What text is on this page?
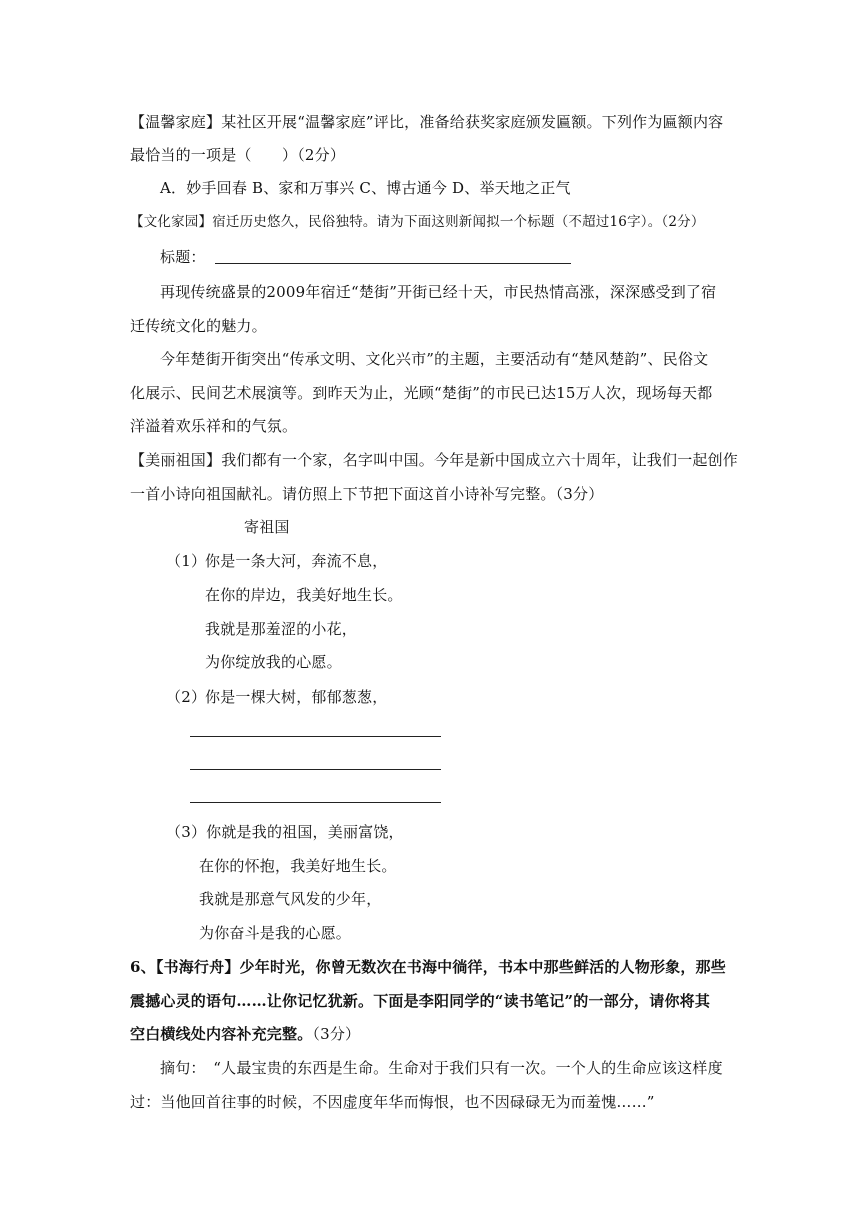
【温馨家庭】某社区开展“温馨家庭”评比，准备给获奖家庭颁发匾额。下列作为匾额内容
最恰当的一项是（　　）（2分）
A．妙手回春 B、家和万事兴 C、博古通今 D、举天地之正气
【文化家园】宿迁历史悠久，民俗独特。请为下面这则新闻拟一个标题（不超过16字）。（2分）
标题：
再现传统盛景的2009年宿迁“楚街”开街已经十天，市民热情高涨，深深感受到了宿
迁传统文化的魅力。
今年楚街开街突出“传承文明、文化兴市”的主题，主要活动有“楚风楚韵”、民俗文
化展示、民间艺术展演等。到昨天为止，光顾“楚街”的市民已达15万人次，现场每天都
洋溢着欢乐祥和的气氛。
【美丽祖国】我们都有一个家，名字叫中国。今年是新中国成立六十周年，让我们一起创作
一首小诗向祖国献礼。请仿照上下节把下面这首小诗补写完整。（3分）
寄祖国
（1）
你是一条大河，奔流不息，
在你的岸边，我美好地生长。
我就是那羞涩的小花，
为你绽放我的心愿。
（2）
你是一棵大树，郁郁葱葱，
（3）你就是我的祖国，美丽富饶，
在你的怀抱，我美好地生长。
我就是那意气风发的少年，
为你奋斗是我的心愿。
6、【书海行舟】少年时光，你曾无数次在书海中徜徉，书本中那些鲜活的人物形象，那些
震撼心灵的语句……让你记忆犹新。下面是李阳同学的“读书笔记”的一部分，请你将其
空白横线处内容补充完整。（3分）
摘句：　“人最宝贵的东西是生命。生命对于我们只有一次。一个人的生命应该这样度
过：当他回首往事的时候，不因虚度年华而悔恨，也不因碌碌无为而羞愧……”
